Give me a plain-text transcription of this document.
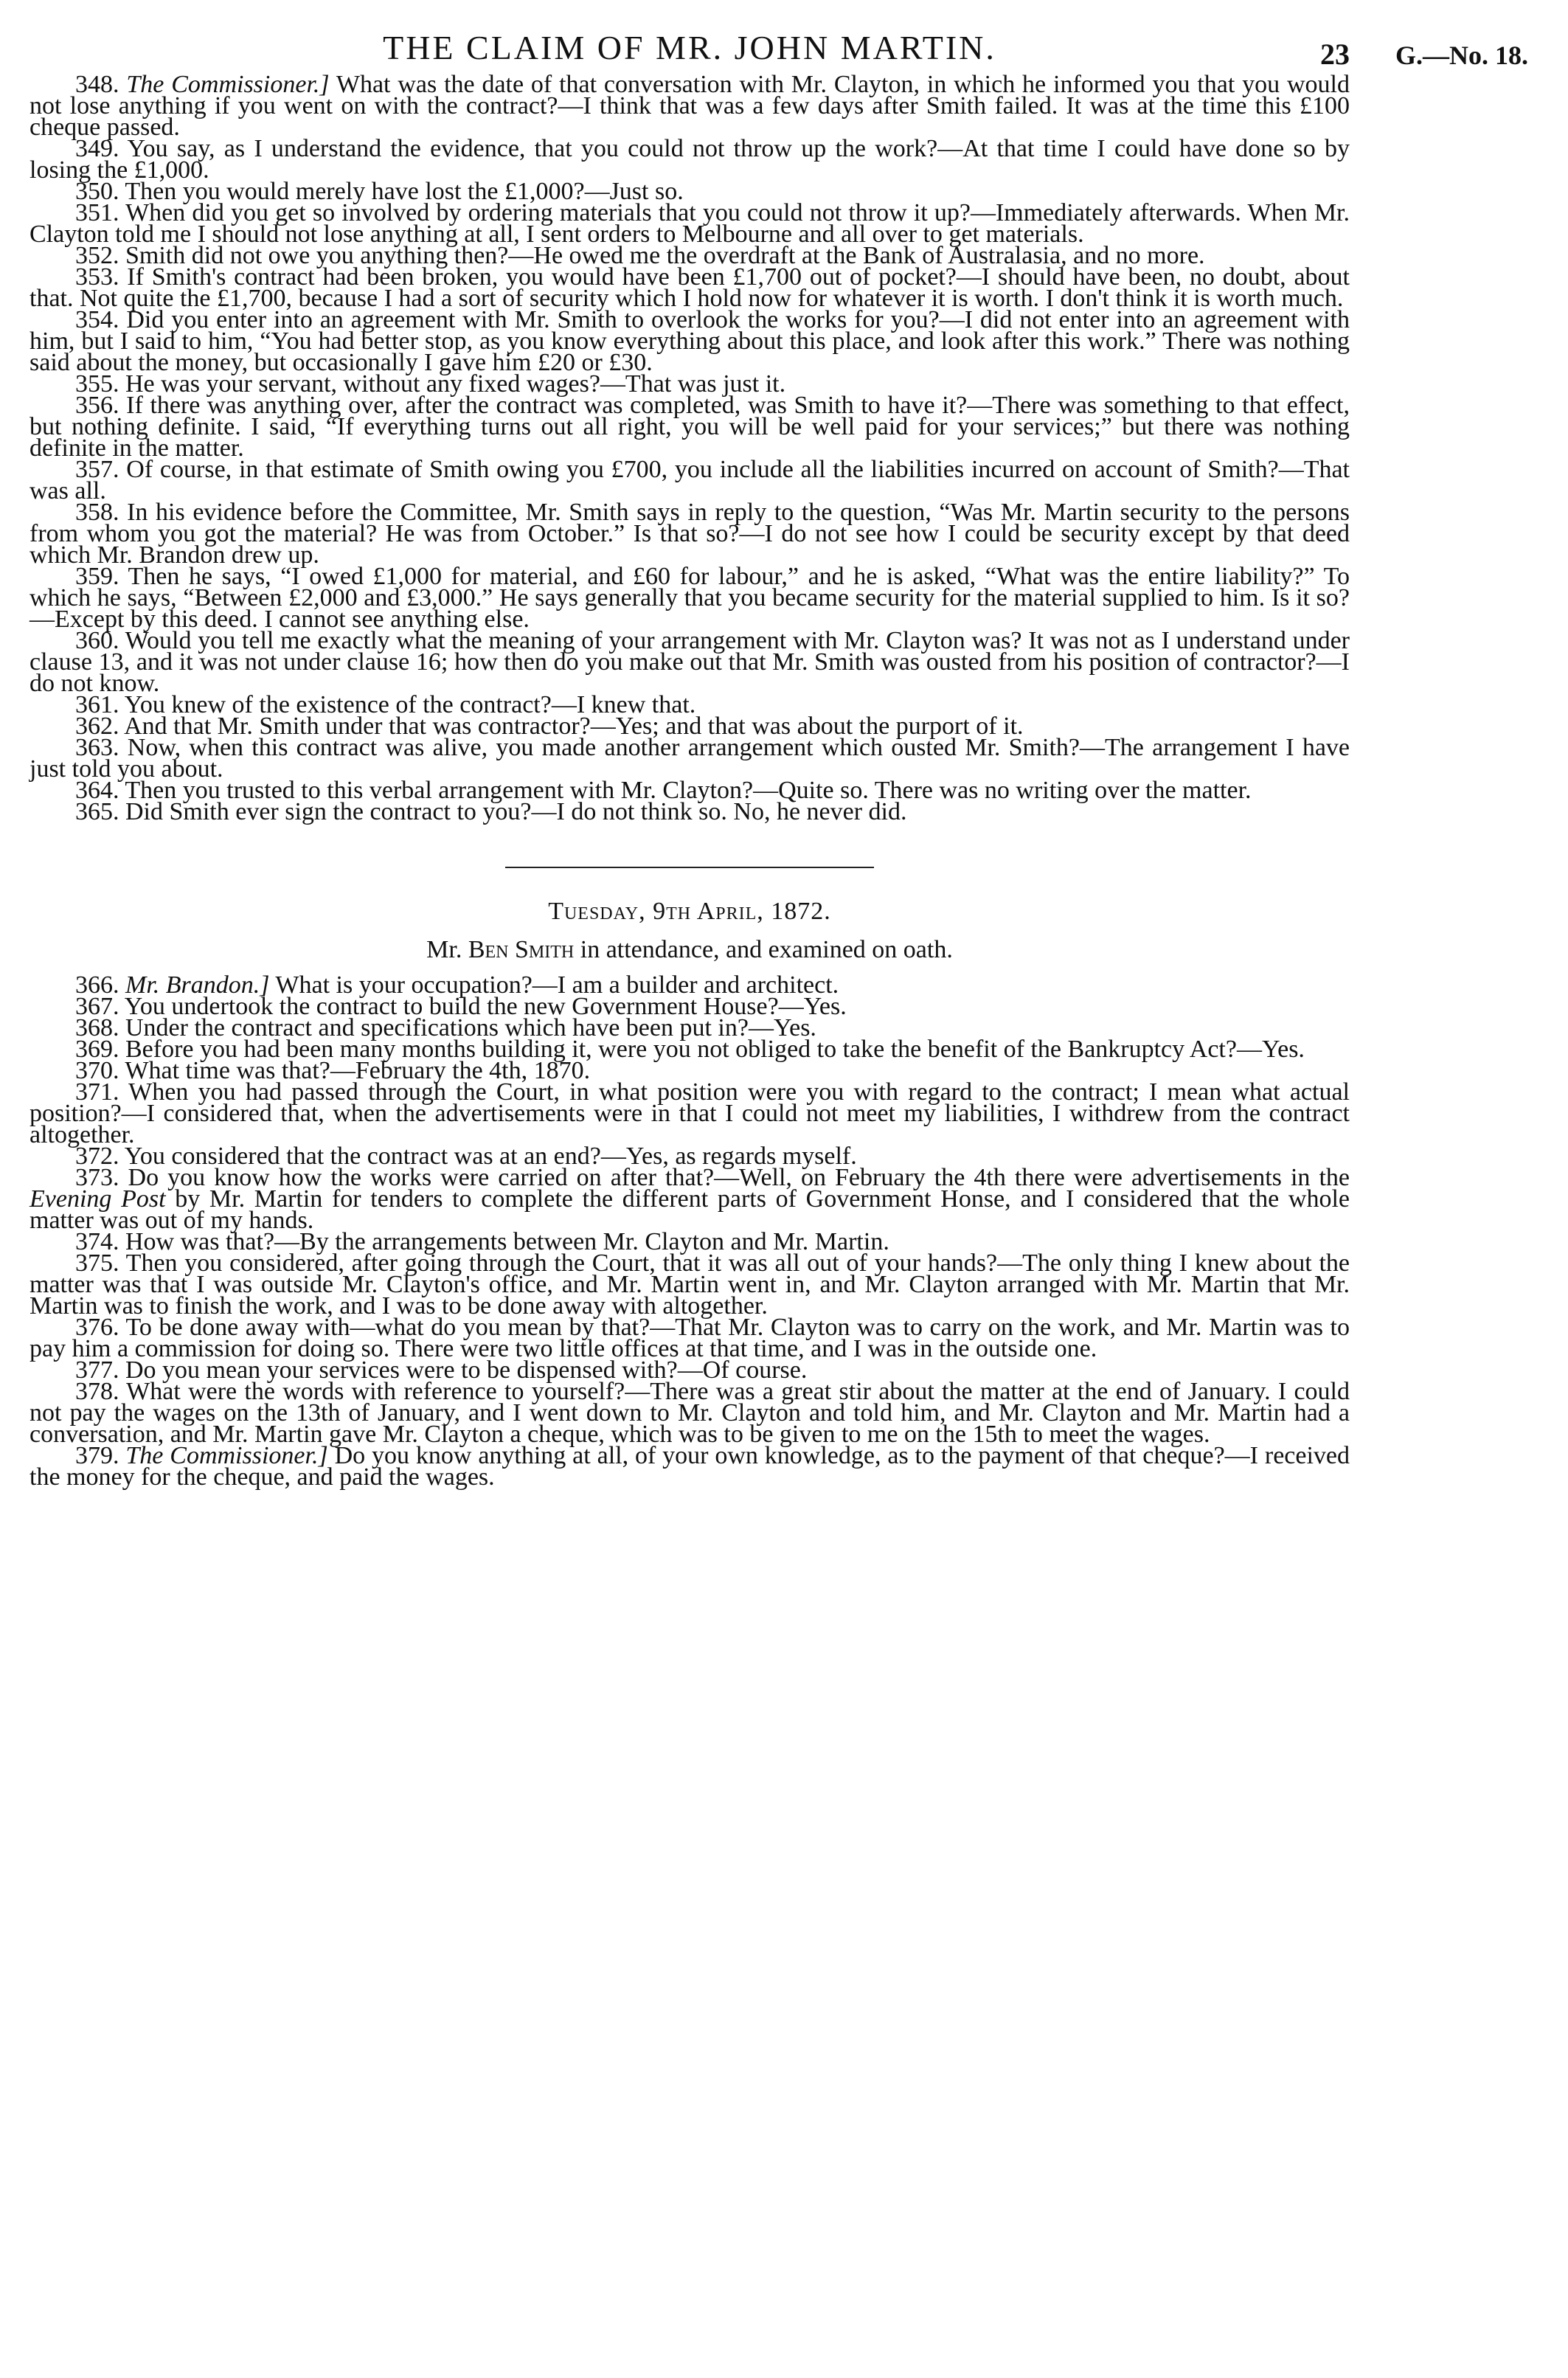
THE CLAIM OF MR. JOHN MARTIN.	23 G.—No. 18.

348. The Commissioner.] What was the date of that conversation with Mr. Clayton, in which he informed you that you would not lose anything if you went on with the contract?—I think that was a few days after Smith failed. It was at the time this £100 cheque passed.

349. You say, as I understand the evidence, that you could not throw up the work?—At that time I could have done so by losing the £1,000.

350. Then you would merely have lost the £1,000?—Just so.

351. When did you get so involved by ordering materials that you could not throw it up?—Immediately afterwards. When Mr. Clayton told me I should not lose anything at all, I sent orders to Melbourne and all over to get materials.

352. Smith did not owe you anything then?—He owed me the overdraft at the Bank of Australasia, and no more.

353. If Smith's contract had been broken, you would have been £1,700 out of pocket?—I should have been, no doubt, about that. Not quite the £1,700, because I had a sort of security which I hold now for whatever it is worth. I don't think it is worth much.

354. Did you enter into an agreement with Mr. Smith to overlook the works for you?—I did not enter into an agreement with him, but I said to him, “You had better stop, as you know everything about this place, and look after this work.” There was nothing said about the money, but occasionally I gave him £20 or £30.

355. He was your servant, without any fixed wages?—That was just it.

356. If there was anything over, after the contract was completed, was Smith to have it?—There was something to that effect, but nothing definite. I said, “If everything turns out all right, you will be well paid for your services;” but there was nothing definite in the matter.

357. Of course, in that estimate of Smith owing you £700, you include all the liabilities incurred on account of Smith?—That was all.

358. In his evidence before the Committee, Mr. Smith says in reply to the question, “Was Mr. Martin security to the persons from whom you got the material? He was from October.” Is that so?—I do not see how I could be security except by that deed which Mr. Brandon drew up.

359. Then he says, “I owed £1,000 for material, and £60 for labour,” and he is asked, “What was the entire liability?” To which he says, “Between £2,000 and £3,000.” He says generally that you became security for the material supplied to him. Is it so?—Except by this deed. I cannot see anything else.

360. Would you tell me exactly what the meaning of your arrangement with Mr. Clayton was? It was not as I understand under clause 13, and it was not under clause 16; how then do you make out that Mr. Smith was ousted from his position of contractor?—I do not know.

361. You knew of the existence of the contract?—I knew that.

362. And that Mr. Smith under that was contractor?—Yes; and that was about the purport of it.

363. Now, when this contract was alive, you made another arrangement which ousted Mr. Smith?—The arrangement I have just told you about.

364. Then you trusted to this verbal arrangement with Mr. Clayton?—Quite so. There was no writing over the matter.

365. Did Smith ever sign the contract to you?—I do not think so. No, he never did.

Tuesday, 9th April, 1872.
Mr. Ben Smith in attendance, and examined on oath.

366. Mr. Brandon.] What is your occupation?—I am a builder and architect.

367. You undertook the contract to build the new Government House?—Yes.

368. Under the contract and specifications which have been put in?—Yes.

369. Before you had been many months building it, were you not obliged to take the benefit of the Bankruptcy Act?—Yes.

370. What time was that?—February the 4th, 1870.

371. When you had passed through the Court, in what position were you with regard to the contract; I mean what actual position?—I considered that, when the advertisements were in that I could not meet my liabilities, I withdrew from the contract altogether.

372. You considered that the contract was at an end?—Yes, as regards myself.

373. Do you know how the works were carried on after that?—Well, on February the 4th there were advertisements in the Evening Post by Mr. Martin for tenders to complete the different parts of Government Honse, and I considered that the whole matter was out of my hands.

374. How was that?—By the arrangements between Mr. Clayton and Mr. Martin.

375. Then you considered, after going through the Court, that it was all out of your hands?—The only thing I knew about the matter was that I was outside Mr. Clayton's office, and Mr. Martin went in, and Mr. Clayton arranged with Mr. Martin that Mr. Martin was to finish the work, and I was to be done away with altogether.

376. To be done away with—what do you mean by that?—That Mr. Clayton was to carry on the work, and Mr. Martin was to pay him a commission for doing so. There were two little offices at that time, and I was in the outside one.

377. Do you mean your services were to be dispensed with?—Of course.

378. What were the words with reference to yourself?—There was a great stir about the matter at the end of January. I could not pay the wages on the 13th of January, and I went down to Mr. Clayton and told him, and Mr. Clayton and Mr. Martin had a conversation, and Mr. Martin gave Mr. Clayton a cheque, which was to be given to me on the 15th to meet the wages.

379. The Commissioner.] Do you know anything at all, of your own knowledge, as to the payment of that cheque?—I received the money for the cheque, and paid the wages.
